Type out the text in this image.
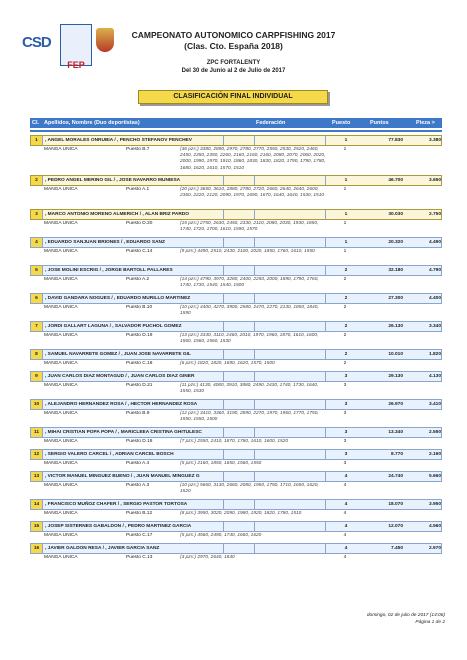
CSD
FEP
CAMPEONATO AUTONOMICO CARPFISHING 2017
(Clas. Cto. España 2018)
ZPC FORTALENTY
Del 30 de Junio al 2 de Julio de 2017
CLASIFICACIÓN FINAL INDIVIDUAL
Cl. Apellidos, Nombre (Duo deportistas)	Federación	Puesto	Puntos	Pieza >
1	, ANGEL MORALES ONRUBIA / , PENCHO STEFANOV PENCHEV	1	77.830	3.380
MANGA UNICA	Puesto B.7	(36 pzs:) 3380, 2890, 2970, 2780, 2770, 2550, 2530, 2520, 2460, 2450, 2350, 2350, 2260, 2160, 2160, 2160, 2080, 2070, 2060, 2020, 2000, 1990, 1970, 1910, 1860, 1830, 1830, 1820, 1790, 1790, 1780, 1680, 1620, 1610, 1570, 1510
1
2	, PEDRO ANGEL MERINO GIL / , JOSE NAVARRO MUNIESA	1	46.700	3.650
MANGA UNICA	Puesto A.1	(20 pzs:) 3650, 3610, 2880, 2780, 2720, 2660, 2640, 2640, 2600, 2360, 2220, 2120, 2090, 1970, 1690, 1670, 1640, 1640, 1530, 1510
1
3	, MARCO ANTONIO MORENO ALMERICH / , ALAN BRIZ PARDO	1	30.030	2.750
MANGA UNICA	Puesto D.20	(15 pzs:) 2750, 2630, 2450, 2330, 2110, 2080, 2030, 1930, 1850, 1740, 1720, 1700, 1610, 1590, 1570
1
4	, EDUARDO SANJUAN BRIONES / , EDUARDO SANZ	1	20.320	4.490
MANGA UNICA	Puesto C.14	(9 pzs:) 4490, 2510, 2430, 2100, 2020, 1850, 1760, 1610, 1550	1
5	, JOSE MOLINI ESCRIG / , JORGE BARTOLL PALLARES	2	32.180	4.790
MANGA UNICA	Puesto A.2	(14 pzs:) 4790, 3970, 3280, 2400, 2250, 2000, 1890, 1790, 1760, 1740, 1730, 1540, 1540, 1500
2
6	, DAVID GANDARA NOGUES / , EDUARDO MURILLO MARTINEZ	2	27.300	4.400
MANGA UNICA	Puesto B.10	(10 pzs:) 4400, 4270, 3900, 2580, 2470, 2270, 2130, 1850, 1840, 1590
2
7	, JORDI GALLART LAGUNA / , SALVADOR PUCHOL GOMEZ	2	26.130	3.340
MANGA UNICA	Puesto D.19	(13 pzs:) 3340, 3110, 2460, 2010, 1970, 1960, 1870, 1610, 1600, 1560, 1560, 1560, 1530
2
8	, SAMUEL NAVARRETE GOMEZ / , JUAN JOSE NAVARRETE GIL	2	10.010	1.820
MANGA UNICA	Puesto C.18	(6 pzs:) 1820, 1820, 1690, 1620, 1570, 1500	2
9	, JUAN CARLOS DIAZ MONTAGUD / , JUAN CARLOS DIAZ GINER	3	29.130	4.130
MANGA UNICA	Puesto D.21	(11 pzs:) 4130, 4080, 3910, 3880, 2490, 2430, 1740, 1730, 1640, 1550, 1530
3
10	, ALEJANDRO HERNANDEZ ROSA / , HECTOR HERNANDEZ ROSA	3	26.970	3.410
MANGA UNICA	Puesto B.9	(12 pzs:) 3410, 3360, 3190, 2890, 2270, 1970, 1960, 1770, 1750, 1550, 1550, 1500
3
11	, MIHAI CRISTIAN POPA POPA / , MARICLEEA CRISTINA GHITULESC	3	13.340	2.550
MANGA UNICA	Puesto D.18	(7 pzs:) 2550, 2410, 1870, 1780, 1610, 1600, 1520	3
12	, SERGIO VALERO CARCEL / , ADRIAN CARCEL BOSCH	3	8.770	2.160
MANGA UNICA	Puesto A.4	(5 pzs:) 2160, 1850, 1650, 1560, 1550	3
13	, VICTOR MANUEL MINGUEZ BUENO / , JUAN MANUEL MINGUEZ G	4	24.740	5.660
MANGA UNICA	Puesto A.3	(10 pzs:) 5660, 3130, 2660, 2080, 1950, 1750, 1710, 1650, 1620, 1520
4
14	, FRANCISCO MUÑOZ CHAFER / , SERGIO PASTOR TORTOSA	4	18.070	3.950
MANGA UNICA	Puesto B.12	(8 pzs:) 3950, 3020, 2090, 1980, 1920, 1820, 1780, 1510	4
15	, JOSEP SISTERNES GABALDON / , PEDRO MARTINEZ GARCIA	4	12.070	4.560
MANGA UNICA	Puesto C.17	(5 pzs:) 4560, 2490, 1740, 1660, 1620	4
16	, JAVIER GALDON RESA / , JAVIER GARCIA SANZ	4	7.450	2.970
MANGA UNICA	Puesto C.13	(3 pzs:) 2970, 2640, 1840	4
domingo, 02 de julio de 2017 (14:06)
Página 1 de 2
